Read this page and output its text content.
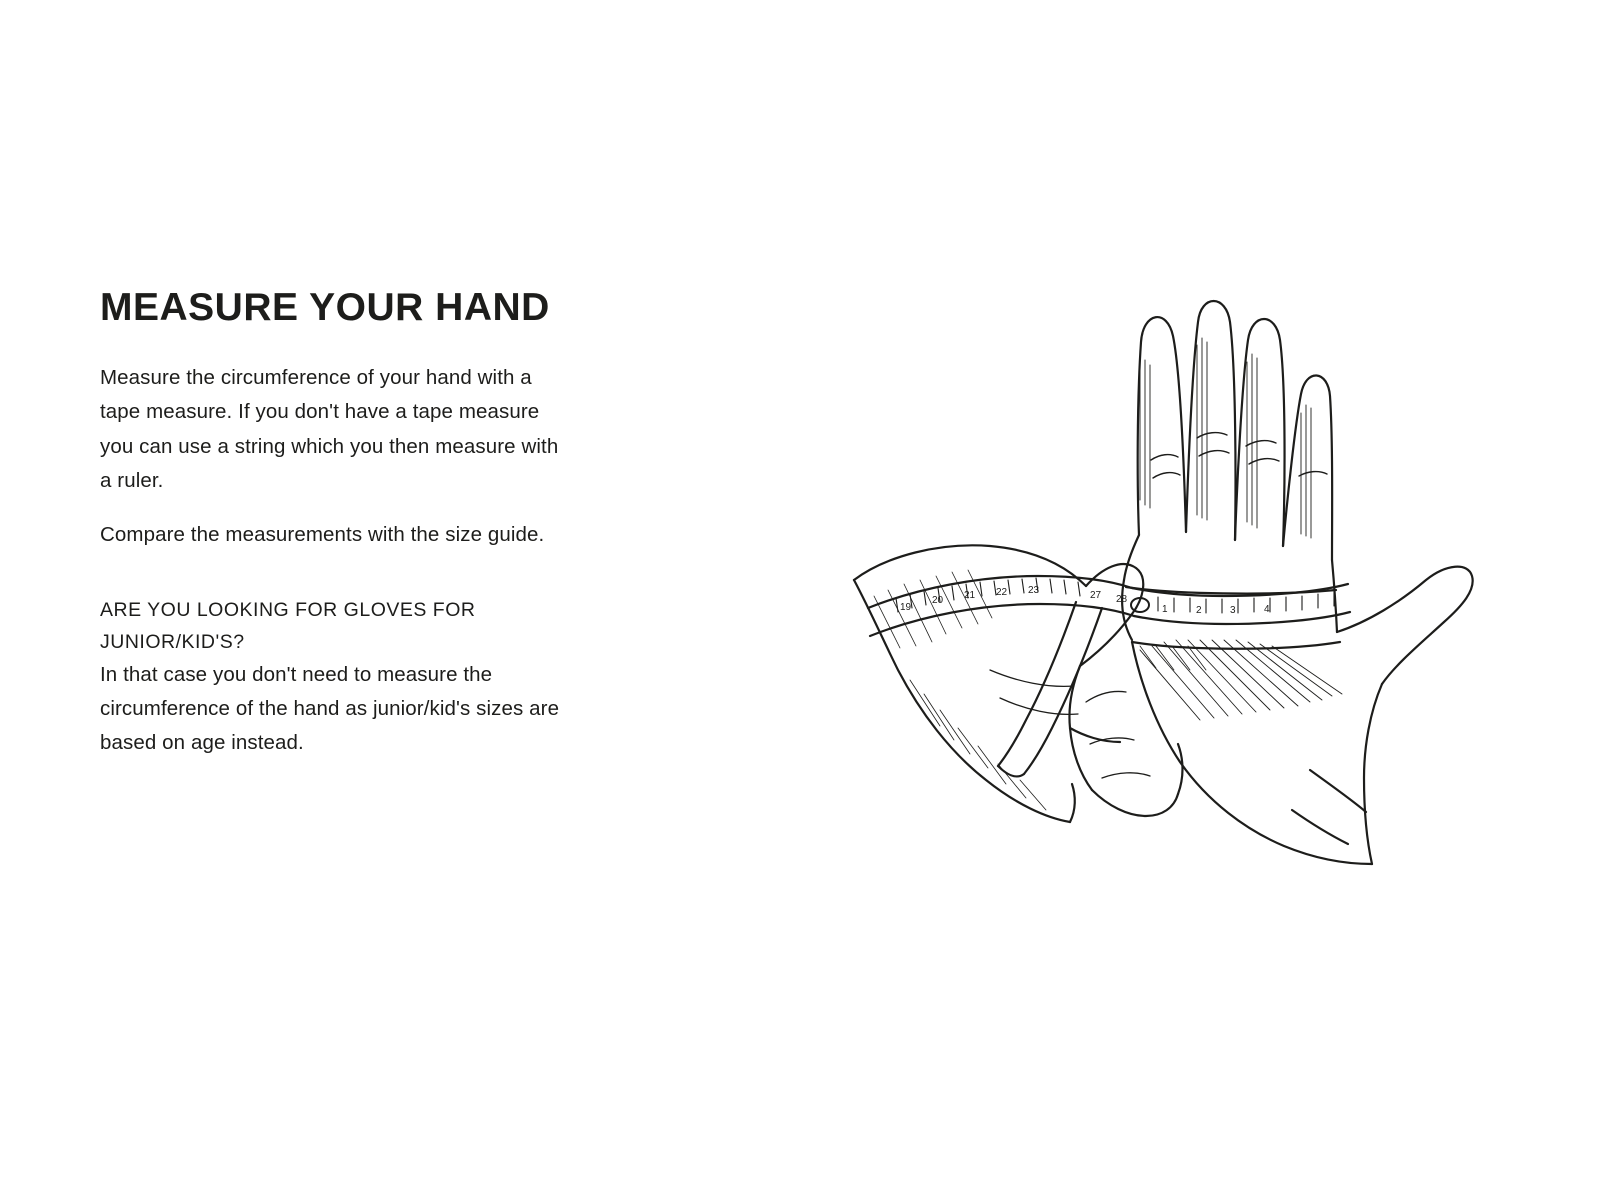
MEASURE YOUR HAND

Measure the circumference of your hand with a tape measure. If you don't have a tape measure you can use a string which you then measure with a ruler.

Compare the measurements with the size guide.

ARE YOU LOOKING FOR GLOVES FOR JUNIOR/KID'S?

In that case you don't need to measure the circumference of the hand as junior/kid's sizes are based on age instead.

19
20 21 22 23	27 28
1	2	3	4
